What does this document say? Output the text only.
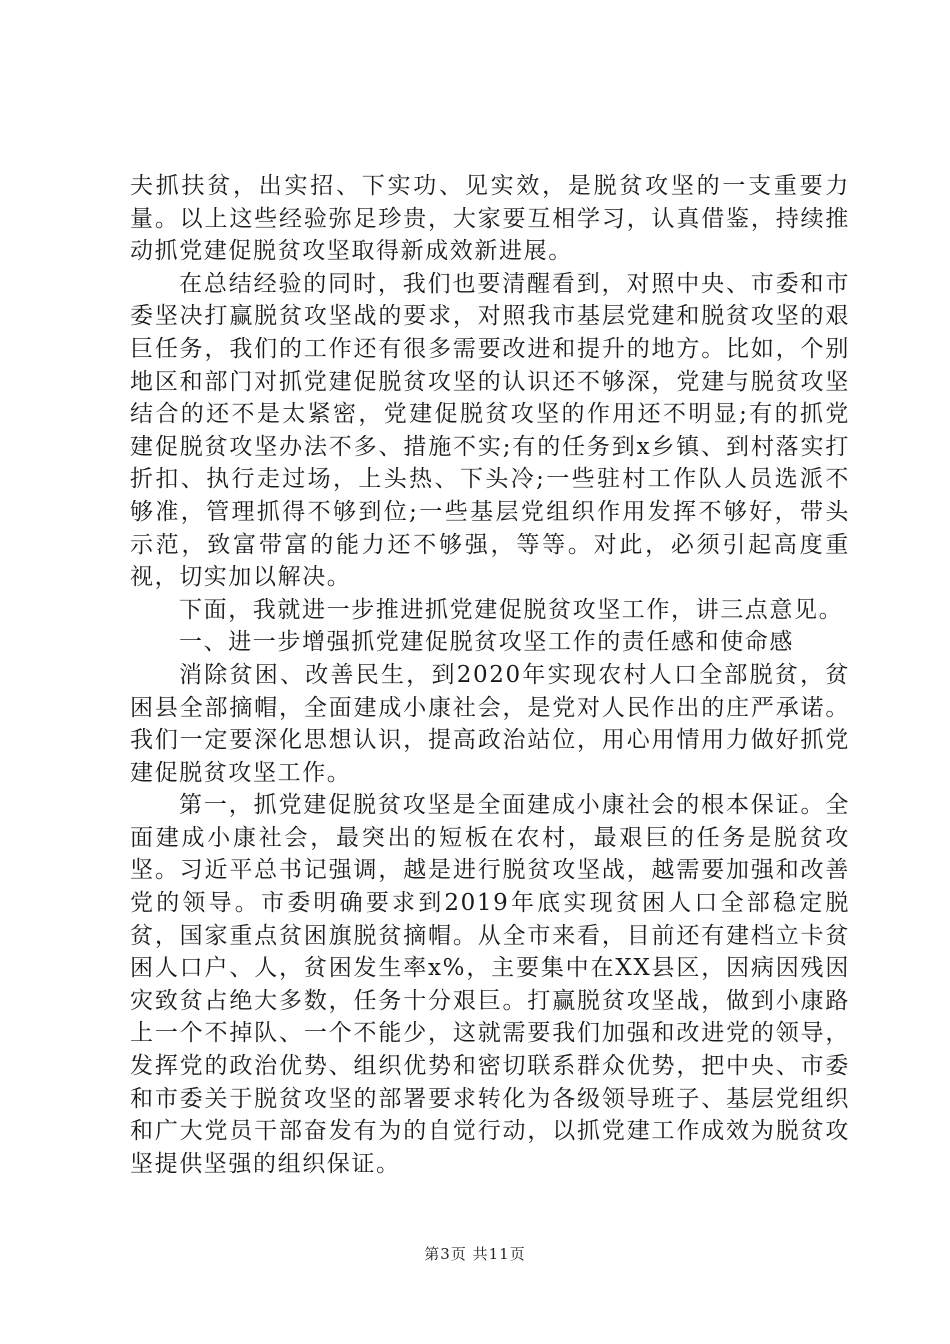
夫抓扶贫，出实招、下实功、见实效，是脱贫攻坚的一支重要力量。以上这些经验弥足珍贵，大家要互相学习，认真借鉴，持续推动抓党建促脱贫攻坚取得新成效新进展。

在总结经验的同时，我们也要清醒看到，对照中央、市委和市委坚决打赢脱贫攻坚战的要求，对照我市基层党建和脱贫攻坚的艰巨任务，我们的工作还有很多需要改进和提升的地方。比如，个别地区和部门对抓党建促脱贫攻坚的认识还不够深，党建与脱贫攻坚结合的还不是太紧密，党建促脱贫攻坚的作用还不明显;有的抓党建促脱贫攻坚办法不多、措施不实;有的任务到x乡镇、到村落实打折扣、执行走过场，上头热、下头冷;一些驻村工作队人员选派不够准，管理抓得不够到位;一些基层党组织作用发挥不够好，带头示范，致富带富的能力还不够强，等等。对此，必须引起高度重视，切实加以解决。

下面，我就进一步推进抓党建促脱贫攻坚工作，讲三点意见。

一、进一步增强抓党建促脱贫攻坚工作的责任感和使命感

消除贫困、改善民生，到2020年实现农村人口全部脱贫，贫困县全部摘帽，全面建成小康社会，是党对人民作出的庄严承诺。我们一定要深化思想认识，提高政治站位，用心用情用力做好抓党建促脱贫攻坚工作。

第一，抓党建促脱贫攻坚是全面建成小康社会的根本保证。全面建成小康社会，最突出的短板在农村，最艰巨的任务是脱贫攻坚。习近平总书记强调，越是进行脱贫攻坚战，越需要加强和改善党的领导。市委明确要求到2019年底实现贫困人口全部稳定脱贫，国家重点贫困旗脱贫摘帽。从全市来看，目前还有建档立卡贫困人口户、人，贫困发生率x%，主要集中在XX县区，因病因残因灾致贫占绝大多数，任务十分艰巨。打赢脱贫攻坚战，做到小康路上一个不掉队、一个不能少，这就需要我们加强和改进党的领导，发挥党的政治优势、组织优势和密切联系群众优势，把中央、市委和市委关于脱贫攻坚的部署要求转化为各级领导班子、基层党组织和广大党员干部奋发有为的自觉行动，以抓党建工作成效为脱贫攻坚提供坚强的组织保证。

第3页 共11页
